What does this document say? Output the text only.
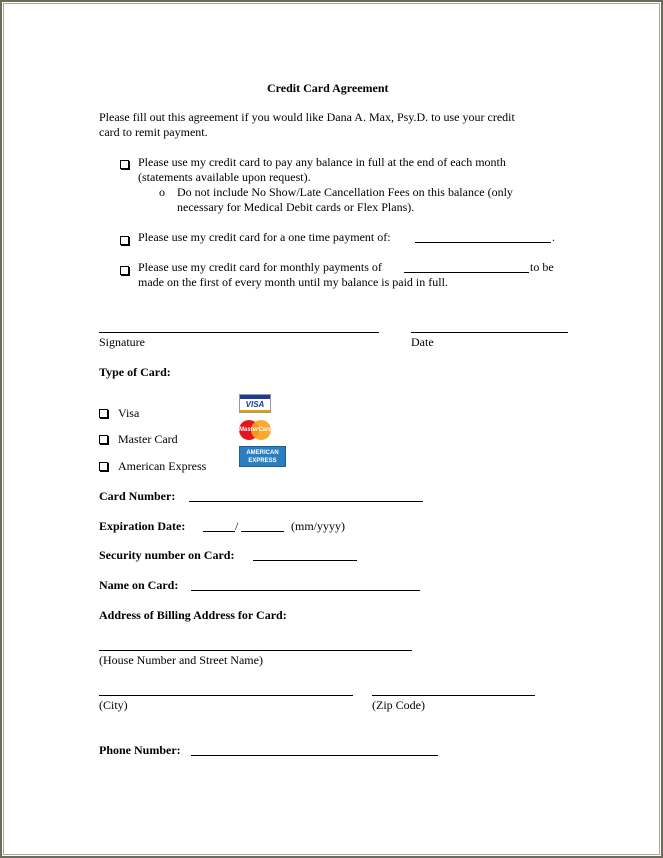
Credit Card Agreement
Please fill out this agreement if you would like Dana A. Max, Psy.D. to use your credit
card to remit payment.
Please use my credit card to pay any balance in full at the end of each month
(statements available upon request).
o Do not include No Show/Late Cancellation Fees on this balance (only
necessary for Medical Debit cards or Flex Plans).
Please use my credit card for a one time payment of:	.
Please use my credit card for monthly payments of	to be
made on the first of every month until my balance is paid in full.
Signature	Date
Type of Card:
Visa
Master Card
American Express
VISA
MasterCard
AMERICAN
EXPRESS
Card Number:
Expiration Date:	/	(mm/yyyy)
Security number on Card:
Name on Card:
Address of Billing Address for Card:
(House Number and Street Name)
(City)	(Zip Code)
Phone Number:
